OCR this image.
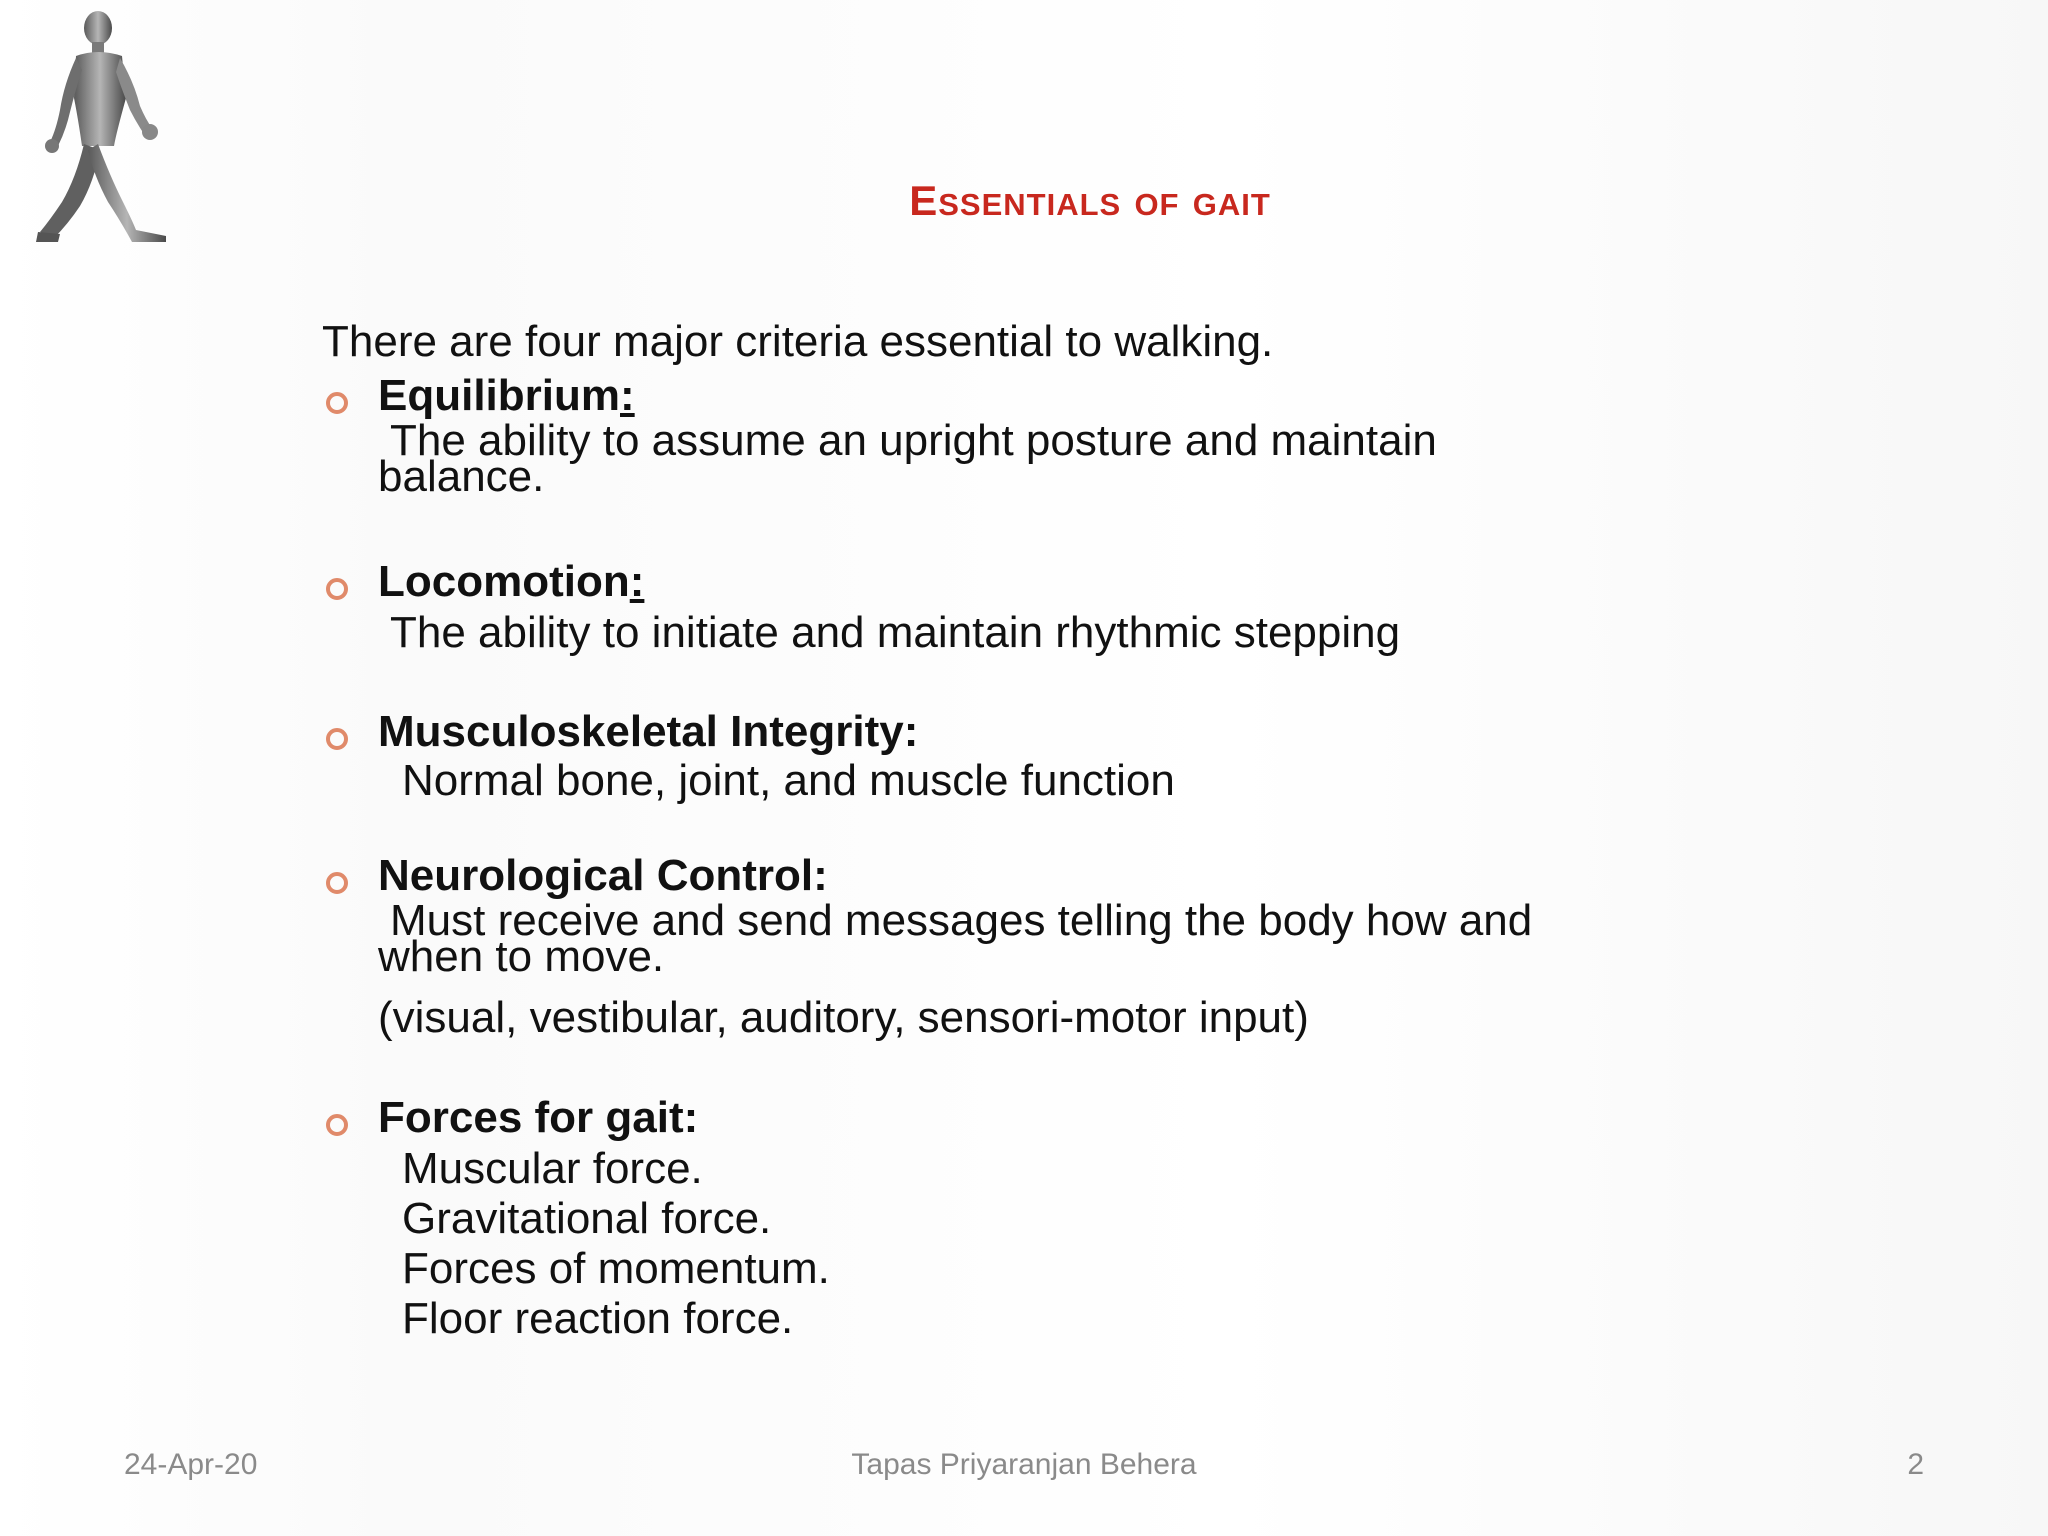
essentials of gait
There are four major criteria essential to walking.
Equilibrium:
The ability to assume an upright posture and maintain
balance.
Locomotion:
The ability to initiate and maintain rhythmic stepping
Musculoskeletal Integrity:
Normal bone, joint, and muscle function
Neurological Control:
Must receive and send messages telling the body how and
when to move.
(visual, vestibular, auditory, sensori-motor input)
Forces for gait:
Muscular force.
Gravitational force.
Forces of momentum.
Floor reaction force.
24-Apr-20	Tapas Priyaranjan Behera	2
